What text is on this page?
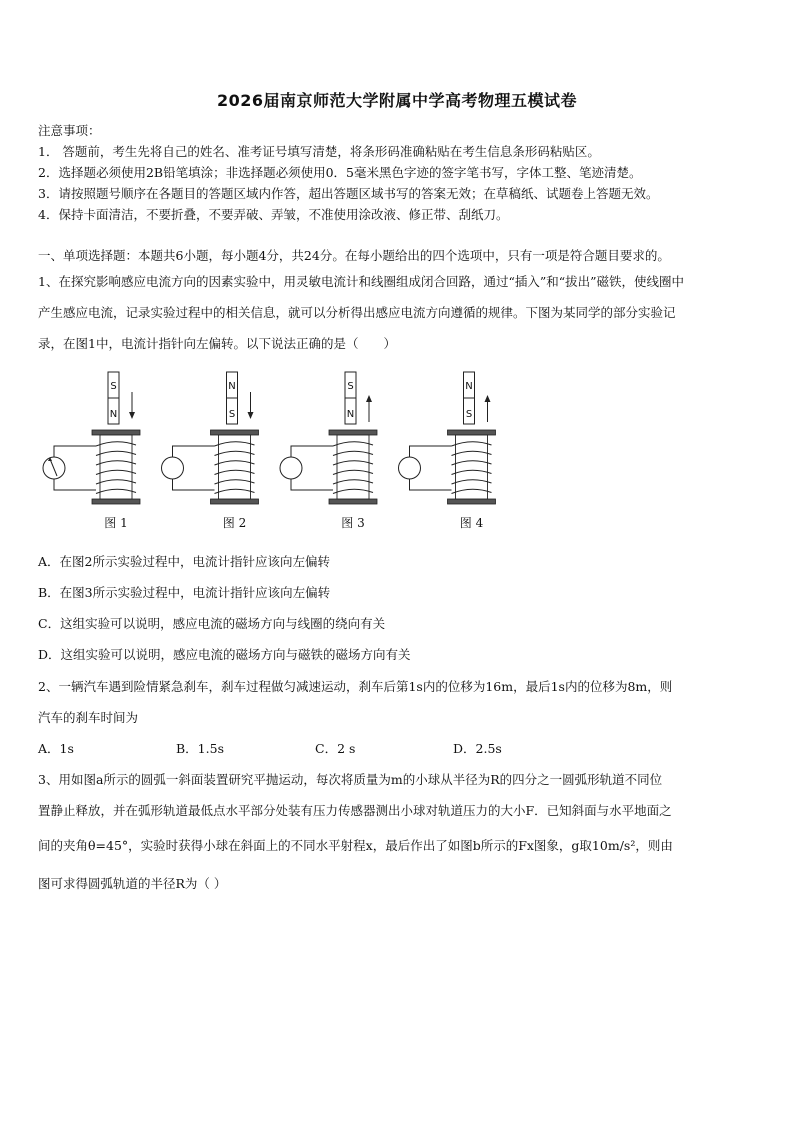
2026届南京师范大学附属中学高考物理五模试卷
注意事项：
1． 答题前，考生先将自己的姓名、准考证号填写清楚，将条形码准确粘贴在考生信息条形码粘贴区。
2．选择题必须使用2B铅笔填涂；非选择题必须使用0．5毫米黑色字迹的签字笔书写，字体工整、笔迹清楚。
3．请按照题号顺序在各题目的答题区域内作答，超出答题区域书写的答案无效；在草稿纸、试题卷上答题无效。
4．保持卡面清洁，不要折叠，不要弄破、弄皱，不准使用涂改液、修正带、刮纸刀。
一、单项选择题：本题共6小题，每小题4分，共24分。在每小题给出的四个选项中，只有一项是符合题目要求的。
1、在探究影响感应电流方向的因素实验中，用灵敏电流计和线圈组成闭合回路，通过“插入”和“拔出”磁铁，使线圈中
产生感应电流，记录实验过程中的相关信息，就可以分析得出感应电流方向遵循的规律。下图为某同学的部分实验记
录，在图1中，电流计指针向左偏转。以下说法正确的是（　　）
S
N
图 1
N
S
图 2
S
N
图 3
N
S
图 4
A．在图2所示实验过程中，电流计指针应该向左偏转
B．在图3所示实验过程中，电流计指针应该向左偏转
C．这组实验可以说明，感应电流的磁场方向与线圈的绕向有关
D．这组实验可以说明，感应电流的磁场方向与磁铁的磁场方向有关
2、一辆汽车遇到险情紧急刹车，刹车过程做匀减速运动，刹车后第1s内的位移为16m，最后1s内的位移为8m，则
汽车的刹车时间为
A．1s	B．1.5s	C．2 s	D．2.5s
3、用如图a所示的圆弧一斜面装置研究平抛运动，每次将质量为m的小球从半径为R的四分之一圆弧形轨道不同位
置静止释放，并在弧形轨道最低点水平部分处装有压力传感器测出小球对轨道压力的大小F．已知斜面与水平地面之
间的夹角θ=45°，实验时获得小球在斜面上的不同水平射程x，最后作出了如图b所示的Fx图象，g取10m/s²，则由
图可求得圆弧轨道的半径R为（ ）
